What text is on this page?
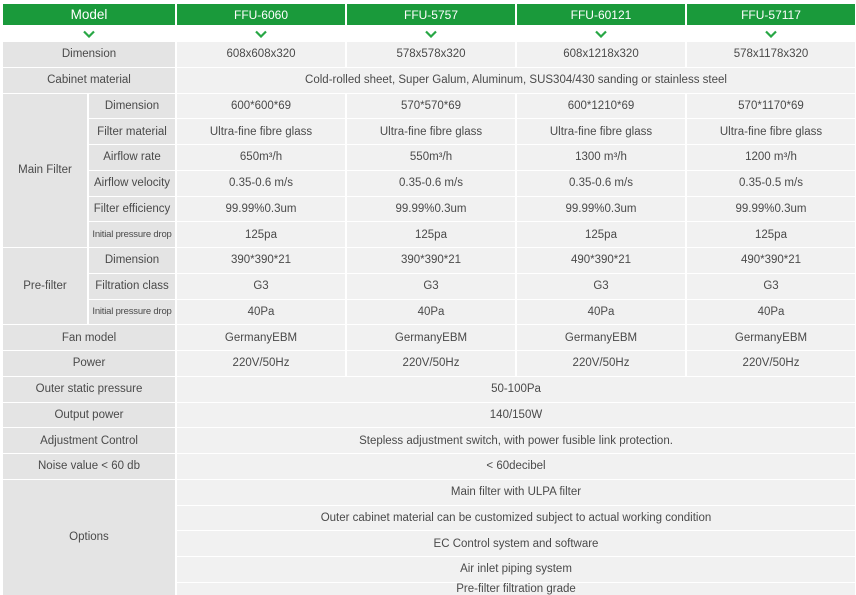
Model	FFU-6060	FFU-5757	FFU-60121	FFU-57117
Dimension	608x608x320	578x578x320	608x1218x320	578x1178x320
Cabinet material	Cold-rolled sheet, Super Galum, Aluminum, SUS304/430 sanding or stainless steel
Main Filter
Dimension	600*600*69	570*570*69	600*1210*69	570*1170*69
Filter material	Ultra-fine fibre glass	Ultra-fine fibre glass	Ultra-fine fibre glass	Ultra-fine fibre glass
Airflow rate	650m³/h	550m³/h	1300 m³/h	1200 m³/h
Airflow velocity	0.35-0.6 m/s	0.35-0.6 m/s	0.35-0.6 m/s	0.35-0.5 m/s
Filter efficiency	99.99%0.3um	99.99%0.3um	99.99%0.3um	99.99%0.3um
Initial pressure drop	125pa	125pa	125pa	125pa
Pre-filter
Dimension	390*390*21	390*390*21	490*390*21	490*390*21
Filtration class	G3	G3	G3	G3
Initial pressure drop	40Pa	40Pa	40Pa	40Pa
Fan model	GermanyEBM	GermanyEBM	GermanyEBM	GermanyEBM
Power	220V/50Hz	220V/50Hz	220V/50Hz	220V/50Hz
Outer static pressure	50-100Pa
Output power	140/150W
Adjustment Control	Stepless adjustment switch, with power fusible link protection.
Noise value < 60 db	< 60decibel
Options
Main filter with ULPA filter
Outer cabinet material can be customized subject to actual working condition
EC Control system and software
Air inlet piping system
Pre-filter filtration grade
